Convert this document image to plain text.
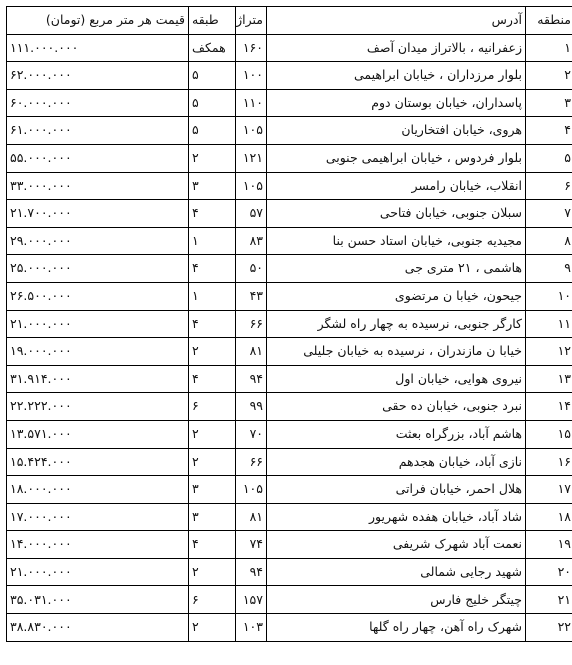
منطقه	آدرس	متراژ	طبقه	قیمت هر متر مربع (تومان)
۱	زعفرانیه ، بالاتراز میدان آصف	۱۶۰	همکف	۱۱۱.۰۰۰.۰۰۰
۲	بلوار مرزداران ، خیابان ابراهیمی	۱۰۰	۵	۶۲.۰۰۰.۰۰۰
۳	پاسداران، خیابان بوستان دوم	۱۱۰	۵	۶۰.۰۰۰.۰۰۰
۴	هروی، خیابان افتخاریان	۱۰۵	۵	۶۱.۰۰۰.۰۰۰
۵	بلوار فردوس ، خیابان ابراهیمی جنوبی	۱۲۱	۲	۵۵.۰۰۰.۰۰۰
۶	انقلاب، خیابان رامسر	۱۰۵	۳	۳۳.۰۰۰.۰۰۰
۷	سبلان جنوبی، خیابان فتاحی	۵۷	۴	۲۱.۷۰۰.۰۰۰
۸	مجیدیه جنوبی، خیابان استاد حسن بنا	۸۳	۱	۲۹.۰۰۰.۰۰۰
۹	هاشمی ، ۲۱ متری جی	۵۰	۴	۲۵.۰۰۰.۰۰۰
۱۰	جیحون، خیابا ن مرتضوی	۴۳	۱	۲۶.۵۰۰.۰۰۰
۱۱	کارگر جنوبی، نرسیده به چهار راه لشگر	۶۶	۴	۲۱.۰۰۰.۰۰۰
۱۲	خیابا ن مازندران ، نرسیده به خیابان جلیلی	۸۱	۲	۱۹.۰۰۰.۰۰۰
۱۳	نیروی هوایی، خیابان اول	۹۴	۴	۳۱.۹۱۴.۰۰۰
۱۴	نبرد جنوبی، خیابان ده حقی	۹۹	۶	۲۲.۲۲۲.۰۰۰
۱۵	هاشم آباد، بزرگراه بعثت	۷۰	۲	۱۳.۵۷۱.۰۰۰
۱۶	نازی آباد، خیابان هجدهم	۶۶	۲	۱۵.۴۲۴.۰۰۰
۱۷	هلال احمر، خیابان فراتی	۱۰۵	۳	۱۸.۰۰۰.۰۰۰
۱۸	شاد آباد، خیابان هفده شهریور	۸۱	۳	۱۷.۰۰۰.۰۰۰
۱۹	نعمت آباد شهرک شریفی	۷۴	۴	۱۴.۰۰۰.۰۰۰
۲۰	شهید رجایی شمالی	۹۴	۲	۲۱.۰۰۰.۰۰۰
۲۱	چیتگر خلیج فارس	۱۵۷	۶	۳۵.۰۳۱.۰۰۰
۲۲	شهرک راه آهن، چهار راه گلها	۱۰۳	۲	۳۸.۸۳۰.۰۰۰
